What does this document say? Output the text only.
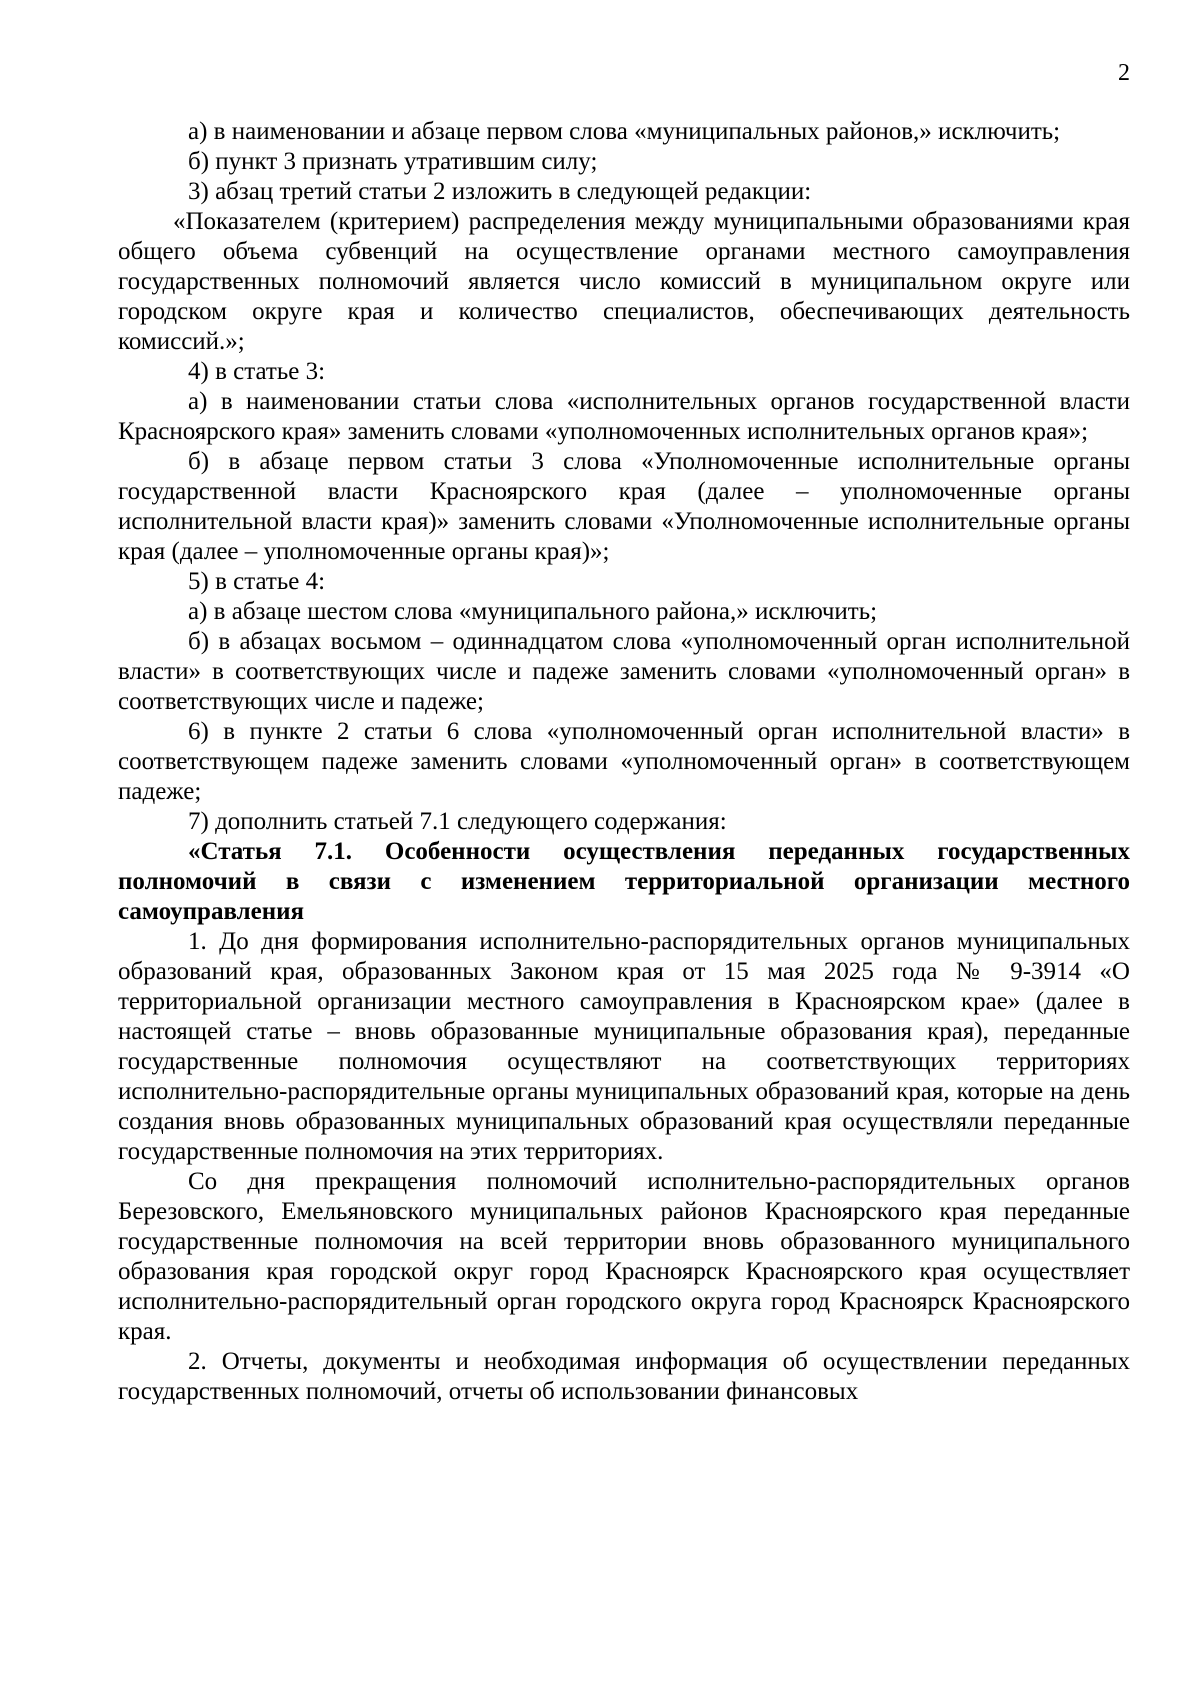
2

а) в наименовании и абзаце первом слова «муниципальных районов,» исключить;

б) пункт 3 признать утратившим силу;

3) абзац третий статьи 2 изложить в следующей редакции:

«Показателем (критерием) распределения между муниципальными образованиями края общего объема субвенций на осуществление органами местного самоуправления государственных полномочий является число комиссий в муниципальном округе или городском округе края и количество специалистов, обеспечивающих деятельность комиссий.»;

4) в статье 3:

а) в наименовании статьи слова «исполнительных органов государственной власти Красноярского края» заменить словами «уполномоченных исполнительных органов края»;

б) в абзаце первом статьи 3 слова «Уполномоченные исполнительные органы государственной власти Красноярского края (далее – уполномоченные органы исполнительной власти края)» заменить словами «Уполномоченные исполнительные органы края (далее – уполномоченные органы края)»;

5) в статье 4:

а) в абзаце шестом слова «муниципального района,» исключить;

б) в абзацах восьмом – одиннадцатом слова «уполномоченный орган исполнительной власти» в соответствующих числе и падеже заменить словами «уполномоченный орган» в соответствующих числе и падеже;

6) в пункте 2 статьи 6 слова «уполномоченный орган исполнительной власти» в соответствующем падеже заменить словами «уполномоченный орган» в соответствующем падеже;

7) дополнить статьей 7.1 следующего содержания:

«Статья 7.1. Особенности осуществления переданных государственных полномочий в связи с изменением территориальной организации местного самоуправления

1. До дня формирования исполнительно-распорядительных органов муниципальных образований края, образованных Законом края от 15 мая 2025 года № 9-3914 «О территориальной организации местного самоуправления в Красноярском крае» (далее в настоящей статье – вновь образованные муниципальные образования края), переданные государственные полномочия осуществляют на соответствующих территориях исполнительно-распорядительные органы муниципальных образований края, которые на день создания вновь образованных муниципальных образований края осуществляли переданные государственные полномочия на этих территориях.

Со дня прекращения полномочий исполнительно-распорядительных органов Березовского, Емельяновского муниципальных районов Красноярского края переданные государственные полномочия на всей территории вновь образованного муниципального образования края городской округ город Красноярск Красноярского края осуществляет исполнительно-распорядительный орган городского округа город Красноярск Красноярского края.

2. Отчеты, документы и необходимая информация об осуществлении переданных государственных полномочий, отчеты об использовании финансовых
